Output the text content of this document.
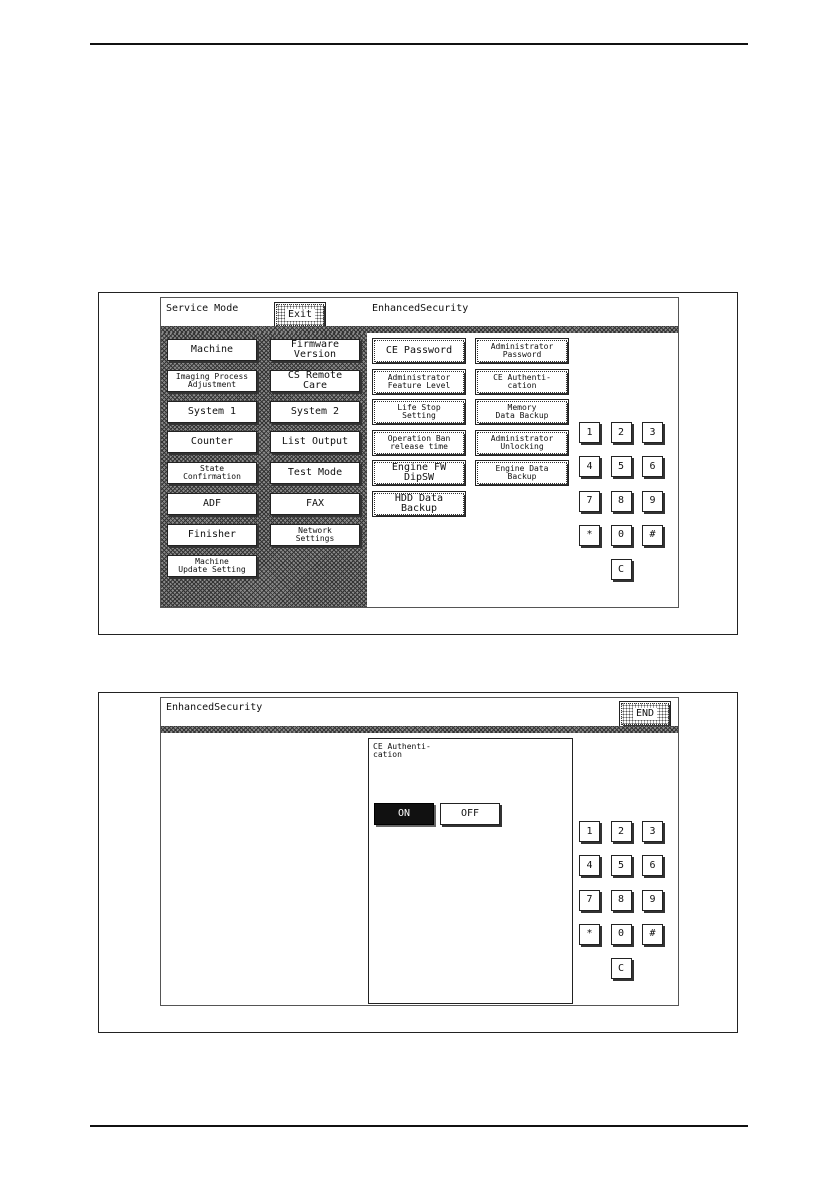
Service Mode
Exit
EnhancedSecurity
Machine
Imaging Process
Adjustment
System 1
Counter
State
Confirmation
ADF
Finisher
Machine
Update Setting
Firmware Version
CS Remote Care
System 2
List Output
Test Mode
FAX
Network
Settings
CE Password
Administrator
Feature Level
Life Stop
Setting
Operation Ban
release time
Engine FW DipSW
HDD Data Backup
Administrator
Password
CE Authenti-
cation
Memory
Data Backup
Administrator
Unlocking
Engine Data
Backup
1	2	3
4	5	6
7	8	9
*	0	#
C
EnhancedSecurity
END
CE Authenti-
cation
ON	OFF
1	2	3
4	5	6
7	8	9
*	0	#
C
